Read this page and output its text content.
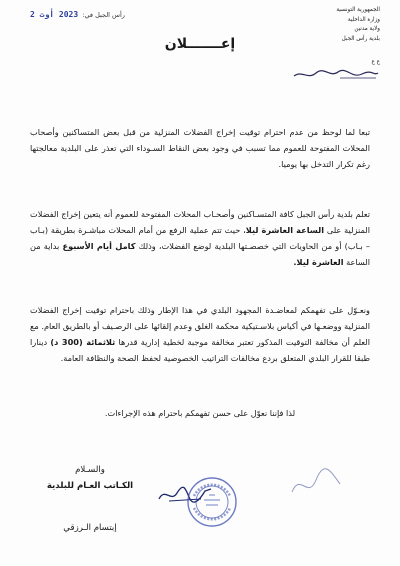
الجمهورية التونسية
وزارة الداخلية
ولاية مدنين
بلدية رأس الجبل
ع ع
رأس الجبل في:  2023 أوت 2
إعـــــــلان
تبعا لما لوحظ من عدم احترام توقيت إخراج الفضلات المنزلية من قبل بعض المتساكنين وأصحاب المحلات المفتوحة للعموم مما تسبب في وجود بعض النقاط السـوداء التي تعذر على البلدية معالجتها رغم تكرار التدخل بها يوميا.
تعلم بلدية رأس الجبل كافة المتسـاكنين وأصحـاب المحلات المفتوحة للعموم أنه يتعين إخراج الفضلات المنزلية على الساعة العاشرة ليلا، حيث تتم عملية الرفع من أمام المحلات مباشـرة بطريقة (بـاب – بـاب) أو من الحاويات التي خصصـتها البلدية لوضع الفضلات، وذلك كامل أيام الأسبوع بداية من الساعة العاشرة ليلا.
ونعـوّل على تفهمكم لمعاضـدة المجهود البلدي في هذا الإطار وذلك باحترام توقيت إخراج الفضلات المنزلية ووضعـها في أكياس بلاسـتيكية محكمة الغلق وعدم إلقائها على الرصـيف أو بالطريق العام. مع العلم أن مخالفة التوقيت المذكور تعتبر مخالفة موجبة لخطية إدارية قدرها ثلاثمائة (300 د) دينارا طبقا للقرار البلدي المتعلق بردع مخالفات التراتيب الخصوصية لحفظ الصحة والنظافة العامة.
لذا فإننا نعوّل على حسن تفهمكم باحترام هذه الإجراءات.
والسـلام
الكـاتب العـام للبلدية
إبتسام الـرزقي
